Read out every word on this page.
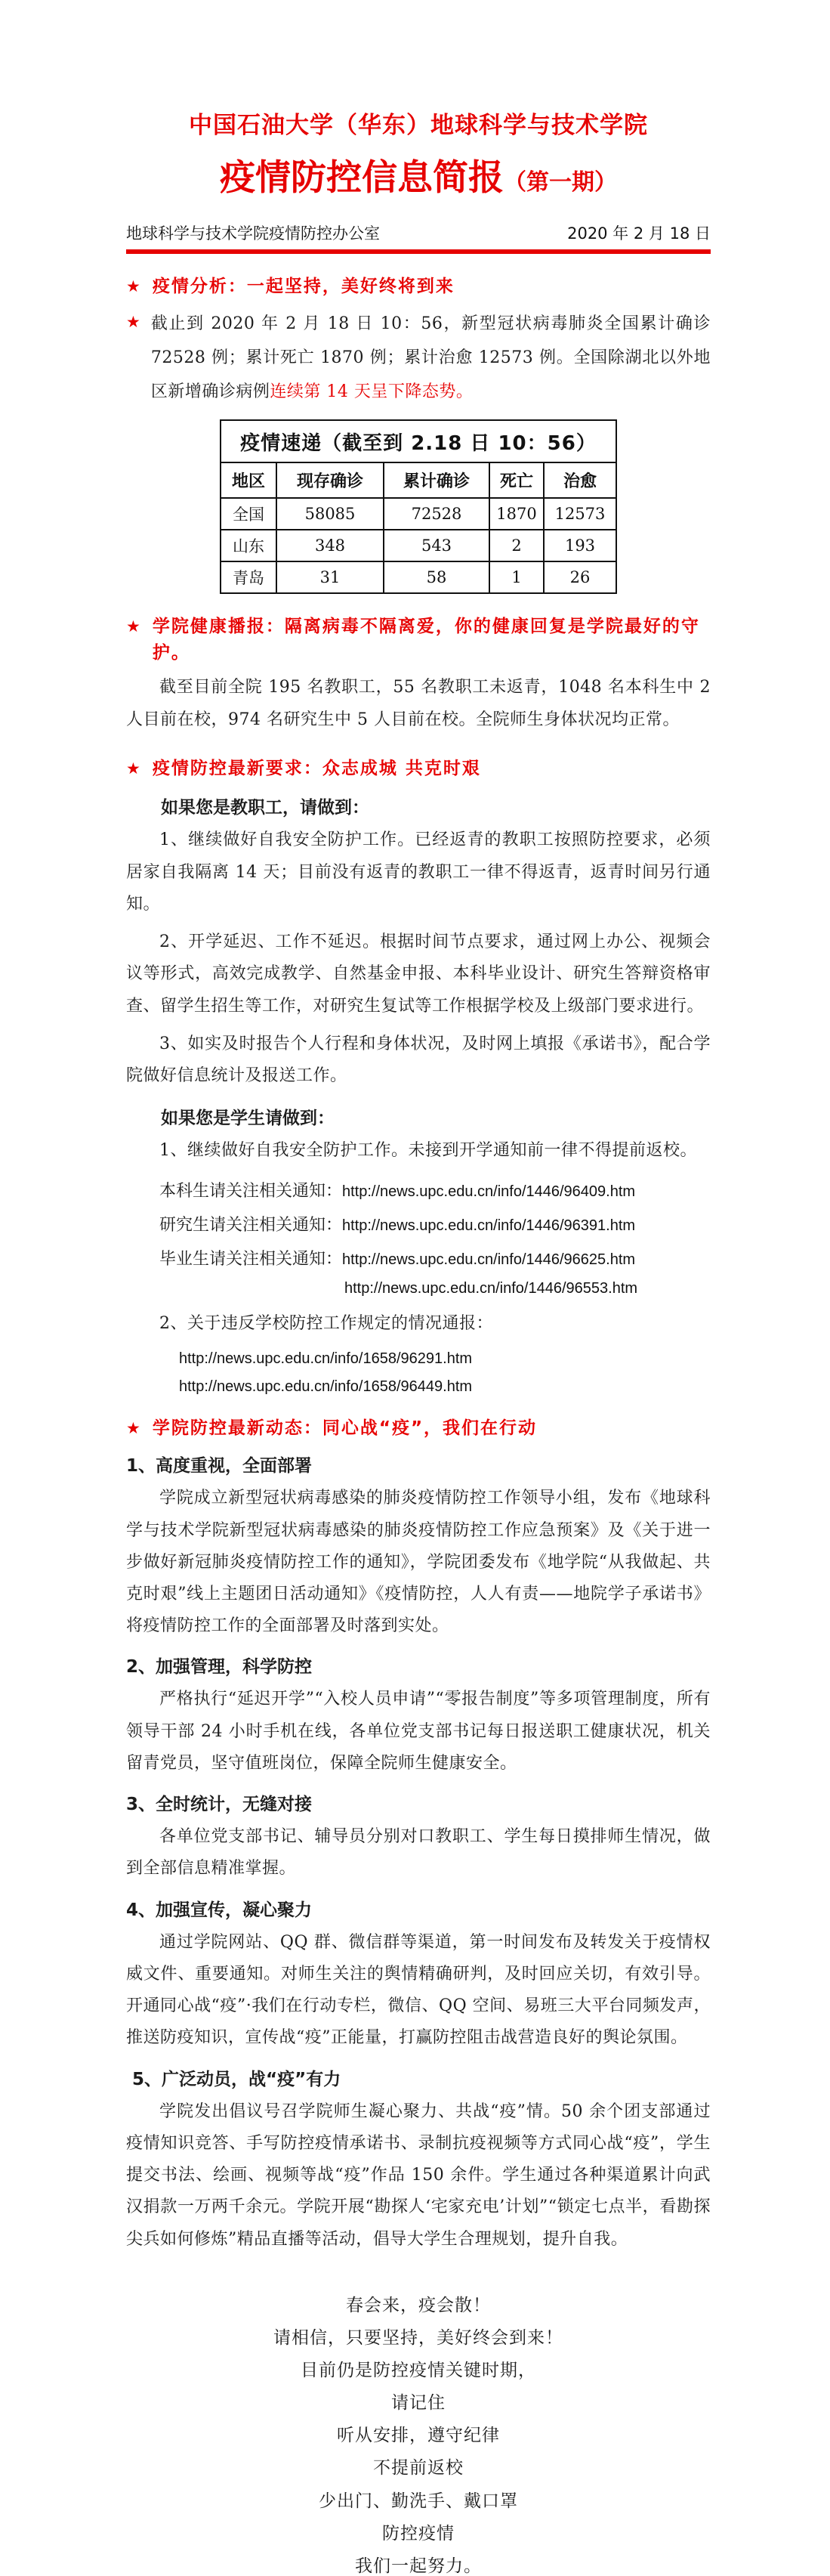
中国石油大学（华东）地球科学与技术学院
疫情防控信息简报（第一期）
地球科学与技术学院疫情防控办公室	2020 年 2 月 18 日
★ 疫情分析：一起坚持，美好终将到来
★ 截止到 2020 年 2 月 18 日 10：56，新型冠状病毒肺炎全国累计确诊 72528 例；累计死亡 1870 例；累计治愈 12573 例。全国除湖北以外地区新增确诊病例连续第 14 天呈下降态势。
疫情速递（截至到 2.18 日 10：56）				
地区	现存确诊	累计确诊	死亡	治愈
全国	58085	72528	1870	12573
山东	348	543	2	193
青岛	31	58	1	26
★ 学院健康播报：隔离病毒不隔离爱，你的健康回复是学院最好的守护。
截至目前全院 195 名教职工，55 名教职工未返青，1048 名本科生中 2 人目前在校，974 名研究生中 5 人目前在校。全院师生身体状况均正常。
★ 疫情防控最新要求：众志成城 共克时艰
如果您是教职工，请做到：
1、继续做好自我安全防护工作。已经返青的教职工按照防控要求，必须居家自我隔离 14 天；目前没有返青的教职工一律不得返青，返青时间另行通知。
2、开学延迟、工作不延迟。根据时间节点要求，通过网上办公、视频会议等形式，高效完成教学、自然基金申报、本科毕业设计、研究生答辩资格审查、留学生招生等工作，对研究生复试等工作根据学校及上级部门要求进行。
3、如实及时报告个人行程和身体状况，及时网上填报《承诺书》，配合学院做好信息统计及报送工作。
如果您是学生请做到：
1、继续做好自我安全防护工作。未接到开学通知前一律不得提前返校。
本科生请关注相关通知：http://news.upc.edu.cn/info/1446/96409.htm
研究生请关注相关通知：http://news.upc.edu.cn/info/1446/96391.htm
毕业生请关注相关通知：http://news.upc.edu.cn/info/1446/96625.htm
http://news.upc.edu.cn/info/1446/96553.htm
2、关于违反学校防控工作规定的情况通报：
http://news.upc.edu.cn/info/1658/96291.htm
http://news.upc.edu.cn/info/1658/96449.htm
★ 学院防控最新动态：同心战“疫”，我们在行动
1、高度重视，全面部署
学院成立新型冠状病毒感染的肺炎疫情防控工作领导小组，发布《地球科学与技术学院新型冠状病毒感染的肺炎疫情防控工作应急预案》及《关于进一步做好新冠肺炎疫情防控工作的通知》，学院团委发布《地学院“从我做起、共克时艰”线上主题团日活动通知》《疫情防控，人人有责——地院学子承诺书》将疫情防控工作的全面部署及时落到实处。
2、加强管理，科学防控
严格执行“延迟开学”“入校人员申请”“零报告制度”等多项管理制度，所有领导干部 24 小时手机在线，各单位党支部书记每日报送职工健康状况，机关留青党员，坚守值班岗位，保障全院师生健康安全。
3、全时统计，无缝对接
各单位党支部书记、辅导员分别对口教职工、学生每日摸排师生情况，做到全部信息精准掌握。
4、加强宣传，凝心聚力
通过学院网站、QQ 群、微信群等渠道，第一时间发布及转发关于疫情权威文件、重要通知。对师生关注的舆情精确研判，及时回应关切，有效引导。开通同心战“疫”·我们在行动专栏，微信、QQ 空间、易班三大平台同频发声，推送防疫知识，宣传战“疫”正能量，打赢防控阻击战营造良好的舆论氛围。
5、广泛动员，战“疫”有力
学院发出倡议号召学院师生凝心聚力、共战“疫”情。50 余个团支部通过疫情知识竞答、手写防控疫情承诺书、录制抗疫视频等方式同心战“疫”，学生提交书法、绘画、视频等战“疫”作品 150 余件。学生通过各种渠道累计向武汉捐款一万两千余元。学院开展“勘探人‘宅家充电’计划”“锁定七点半，看勘探尖兵如何修炼”精品直播等活动，倡导大学生合理规划，提升自我。
春会来，疫会散！
请相信，只要坚持，美好终会到来！
目前仍是防控疫情关键时期，
请记住
听从安排，遵守纪律
不提前返校
少出门、勤洗手、戴口罩
防控疫情
我们一起努力。
